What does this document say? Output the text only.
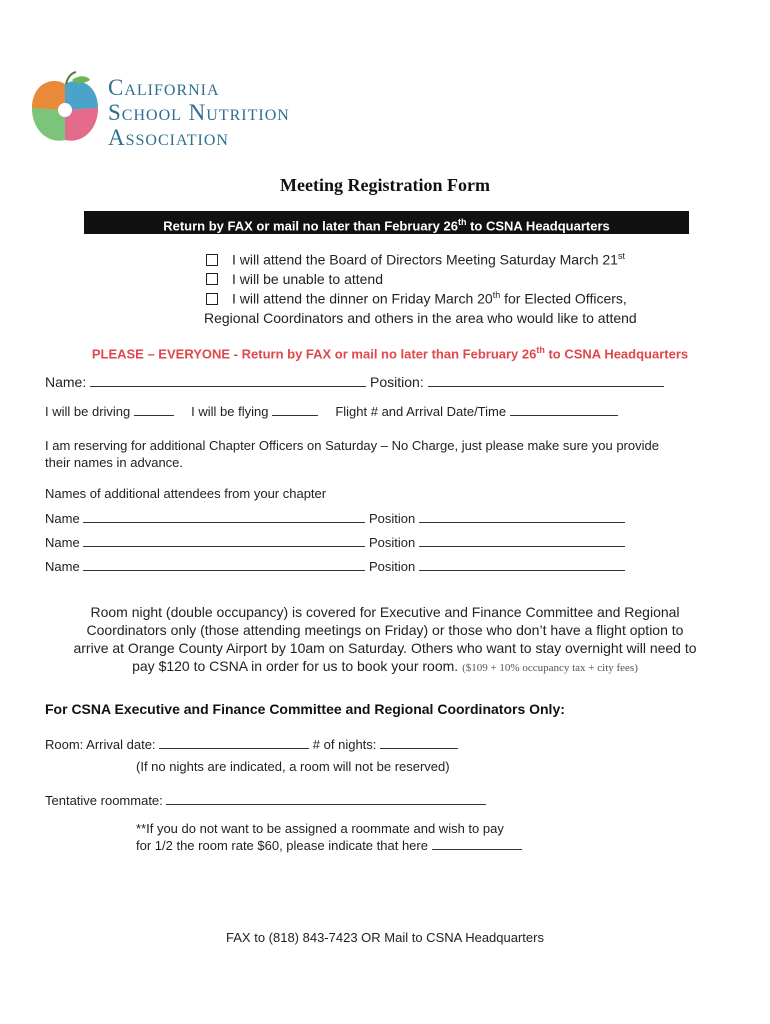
California
School Nutrition
Association
Meeting Registration Form
Return by FAX or mail no later than February 26th to CSNA Headquarters
I will attend the Board of Directors Meeting Saturday March 21st
I will be unable to attend
I will attend the dinner on Friday March 20th for Elected Officers,
Regional Coordinators and others in the area who would like to attend
PLEASE – EVERYONE - Return by FAX or mail no later than February 26th to CSNA Headquarters
Name:	Position:
I will be driving	I will be flying	Flight # and Arrival Date/Time
I am reserving for additional Chapter Officers on Saturday – No Charge, just please make sure you provide
their names in advance.
Names of additional attendees from your chapter
Name	Position
Name	Position
Name	Position
Room night (double occupancy) is covered for Executive and Finance Committee and Regional
Coordinators only (those attending meetings on Friday) or those who don’t have a flight option to
arrive at Orange County Airport by 10am on Saturday. Others who want to stay overnight will need to
pay $120 to CSNA in order for us to book your room. ($109 + 10% occupancy tax + city fees)
For CSNA Executive and Finance Committee and Regional Coordinators Only:
Room: Arrival date:	# of nights:
(If no nights are indicated, a room will not be reserved)
Tentative roommate:
**If you do not want to be assigned a roommate and wish to pay
for 1/2 the room rate $60, please indicate that here
FAX to (818) 843-7423 OR Mail to CSNA Headquarters
